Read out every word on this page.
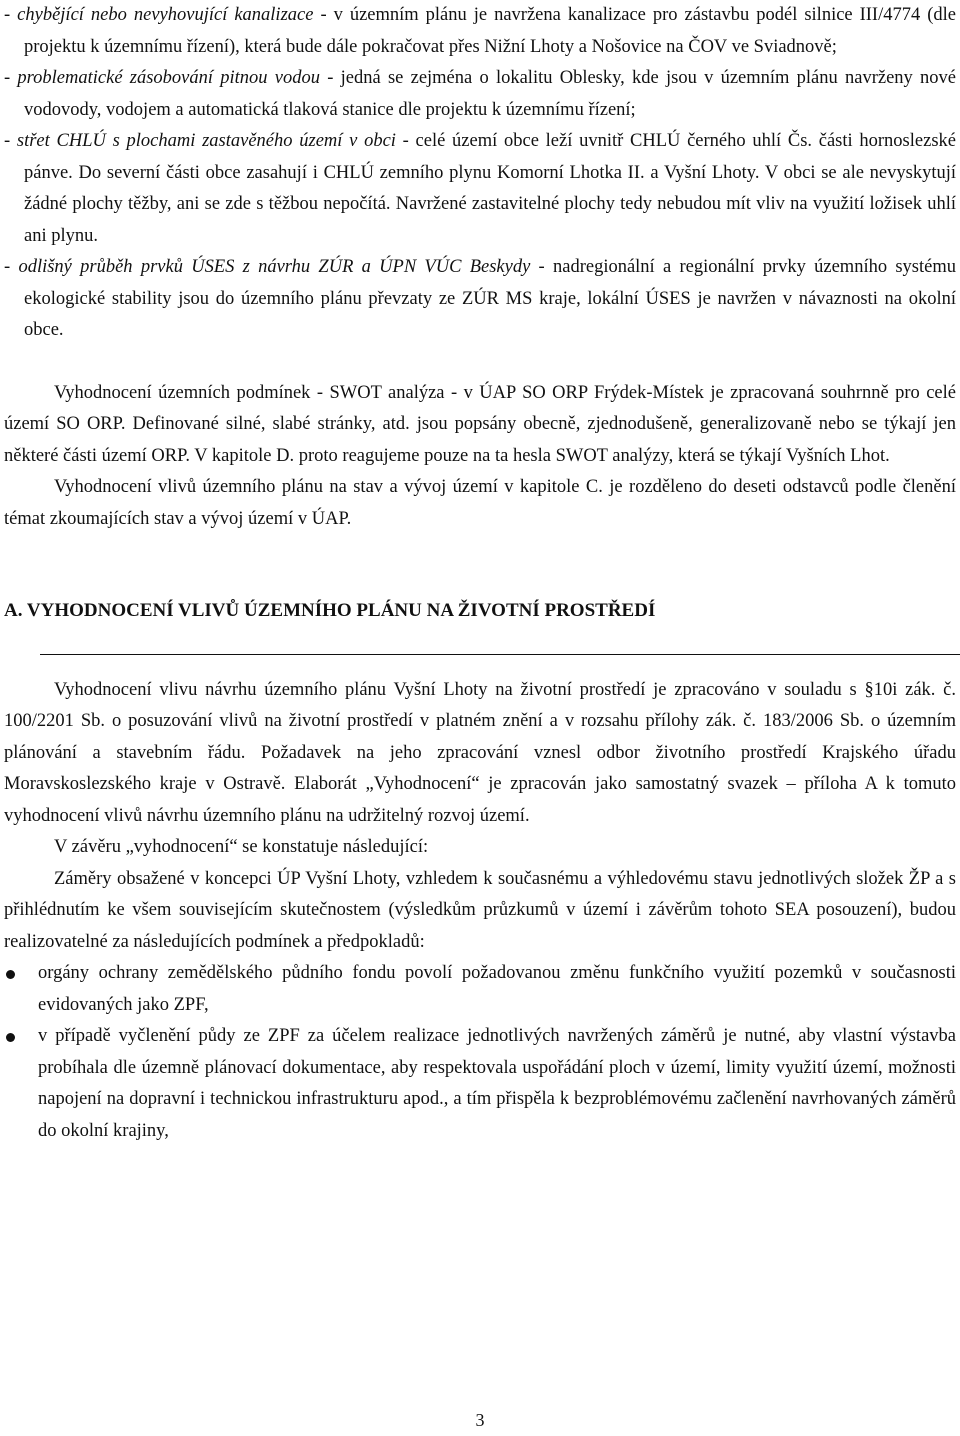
- chybějící nebo nevyhovující kanalizace - v územním plánu je navržena kanalizace pro zástavbu podél silnice III/4774 (dle projektu k územnímu řízení), která bude dále pokračovat přes Nižní Lhoty a Nošovice na ČOV ve Sviadnově;

- problematické zásobování pitnou vodou - jedná se zejména o lokalitu Oblesky, kde jsou v územním plánu navrženy nové vodovody, vodojem a automatická tlaková stanice dle projektu k územnímu řízení;

- střet CHLÚ s plochami zastavěného území v obci - celé území obce leží uvnitř CHLÚ černého uhlí Čs. části hornoslezské pánve. Do severní části obce zasahují i CHLÚ zemního plynu Komorní Lhotka II. a Vyšní Lhoty. V obci se ale nevyskytují žádné plochy těžby, ani se zde s těžbou nepočítá. Navržené zastavitelné plochy tedy nebudou mít vliv na využití ložisek uhlí ani plynu.

- odlišný průběh prvků ÚSES z návrhu ZÚR a ÚPN VÚC Beskydy - nadregionální a regionální prvky územního systému ekologické stability jsou do územního plánu převzaty ze ZÚR MS kraje, lokální ÚSES je navržen v návaznosti na okolní obce.

Vyhodnocení územních podmínek - SWOT analýza - v ÚAP SO ORP Frýdek-Místek je zpracovaná souhrnně pro celé území SO ORP. Definované silné, slabé stránky, atd. jsou popsány obecně, zjednodušeně, generalizovaně nebo se týkají jen některé části území ORP. V kapitole D. proto reagujeme pouze na ta hesla SWOT analýzy, která se týkají Vyšních Lhot.

Vyhodnocení vlivů územního plánu na stav a vývoj území v kapitole C. je rozděleno do deseti odstavců podle členění témat zkoumajících stav a vývoj území v ÚAP.

A. VYHODNOCENÍ VLIVŮ ÚZEMNÍHO PLÁNU NA ŽIVOTNÍ PROSTŘEDÍ

Vyhodnocení vlivu návrhu územního plánu Vyšní Lhoty na životní prostředí je zpracováno v souladu s §10i zák. č. 100/2201 Sb. o posuzování vlivů na životní prostředí v platném znění a v rozsahu přílohy zák. č. 183/2006 Sb. o územním plánování a stavebním řádu. Požadavek na jeho zpracování vznesl odbor životního prostředí Krajského úřadu Moravskoslezského kraje v Ostravě. Elaborát „Vyhodnocení“ je zpracován jako samostatný svazek – příloha A k tomuto vyhodnocení vlivů návrhu územního plánu na udržitelný rozvoj území.

V závěru „vyhodnocení“ se konstatuje následující:

Záměry obsažené v koncepci ÚP Vyšní Lhoty, vzhledem k současnému a výhledovému stavu jednotlivých složek ŽP a s přihlédnutím ke všem souvisejícím skutečnostem (výsledkům průzkumů v území i závěrům tohoto SEA posouzení), budou realizovatelné za následujících podmínek a předpokladů:

orgány ochrany zemědělského půdního fondu povolí požadovanou změnu funkčního využití pozemků v současnosti evidovaných jako ZPF,
v případě vyčlenění půdy ze ZPF za účelem realizace jednotlivých navržených záměrů je nutné, aby vlastní výstavba probíhala dle územně plánovací dokumentace, aby respektovala uspořádání ploch v území, limity využití území, možnosti napojení na dopravní i technickou infrastrukturu apod., a tím přispěla k bezproblémovému začlenění navrhovaných záměrů do okolní krajiny,
3
